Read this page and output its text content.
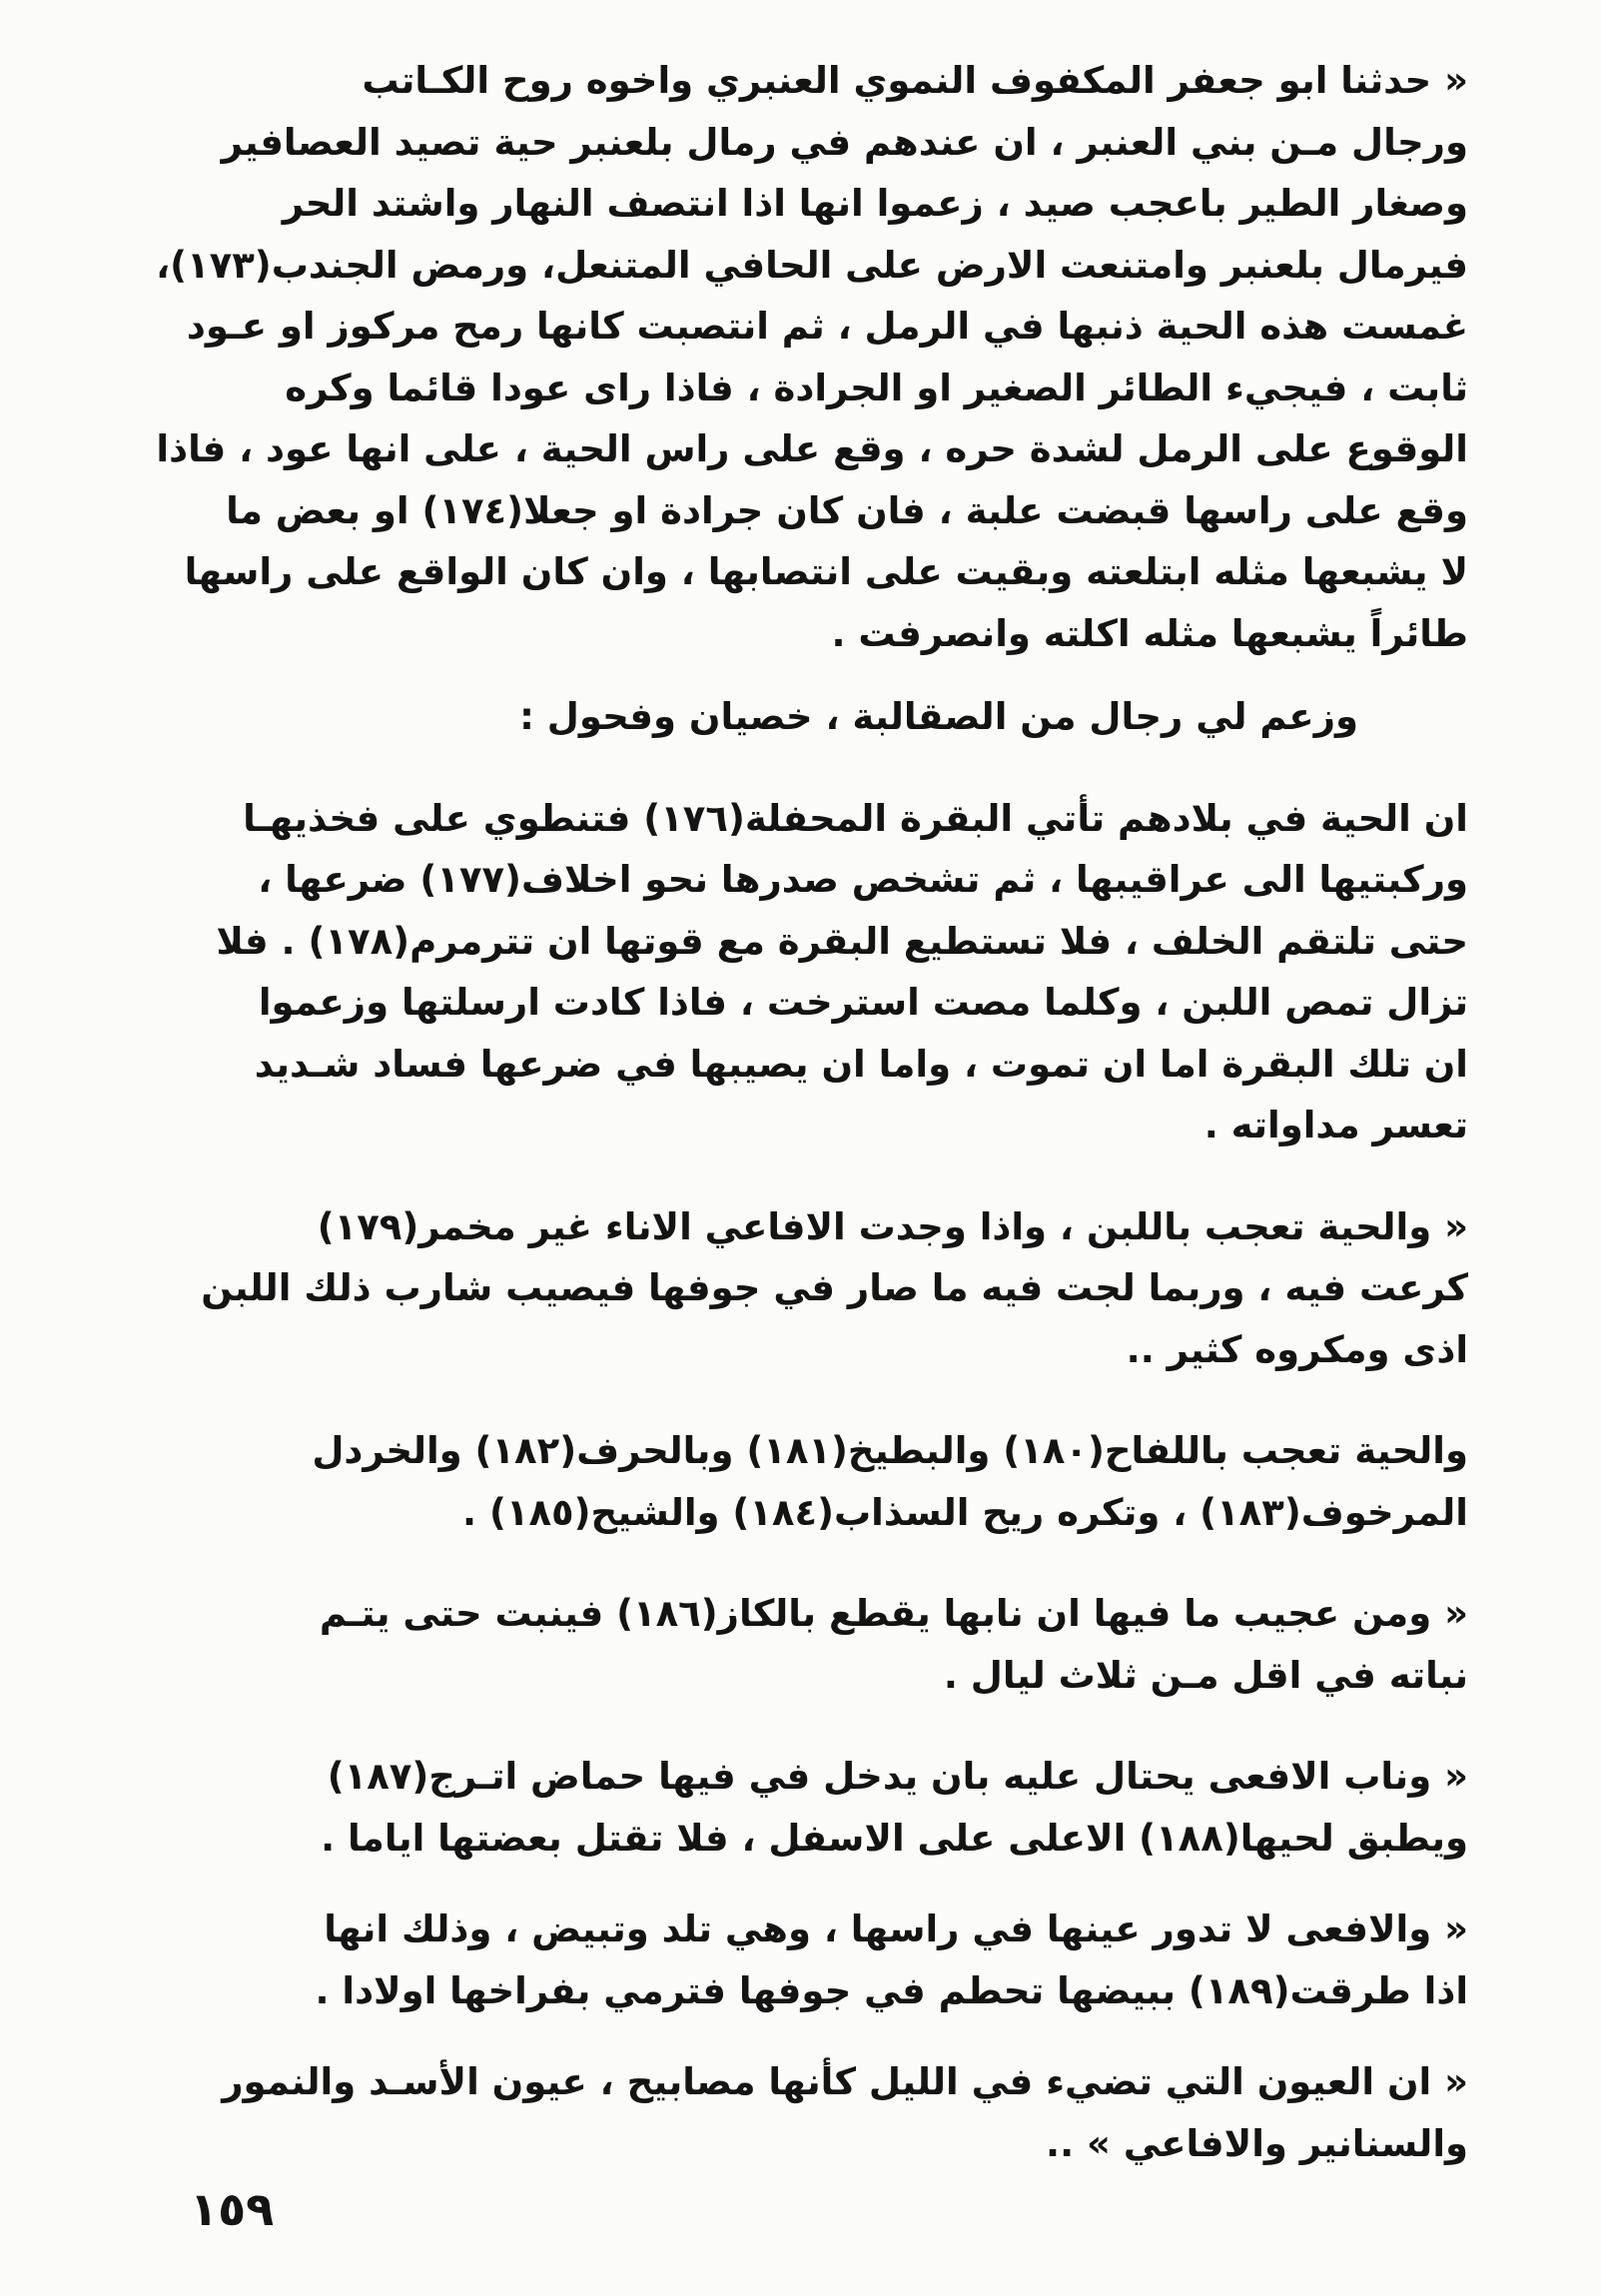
« حدثنا ابو جعفر المكفوف النموي العنبري واخوه روح الكـاتب
ورجال مـن بني العنبر ، ان عندهم في رمال بلعنبر حية تصيد العصافير
وصغار الطير باعجب صيد ، زعموا انها اذا انتصف النهار واشتد الحر
فيرمال بلعنبر وامتنعت الارض على الحافي المتنعل، ورمض الجندب(١٧٣)،
غمست هذه الحية ذنبها في الرمل ، ثم انتصبت كانها رمح مركوز او عـود
ثابت ، فيجيء الطائر الصغير او الجرادة ، فاذا راى عودا قائما وكره
الوقوع على الرمل لشدة حره ، وقع على راس الحية ، على انها عود ، فاذا
وقع على راسها قبضت علبة ، فان كان جرادة او جعلا(١٧٤) او بعض ما
لا يشبعها مثله ابتلعته وبقيت على انتصابها ، وان كان الواقع على راسها
طائراً يشبعها مثله اكلته وانصرفت .

وزعم لي رجال من الصقالبة ، خصيان وفحول :

ان الحية في بلادهم تأتي البقرة المحفلة(١٧٦) فتنطوي على فخذيهـا
وركبتيها الى عراقيبها ، ثم تشخص صدرها نحو اخلاف(١٧٧) ضرعها ،
حتى تلتقم الخلف ، فلا تستطيع البقرة مع قوتها ان تترمرم(١٧٨) . فلا
تزال تمص اللبن ، وكلما مصت استرخت ، فاذا كادت ارسلتها وزعموا
ان تلك البقرة اما ان تموت ، واما ان يصيبها في ضرعها فساد شـديد
تعسر مداواته .

« والحية تعجب باللبن ، واذا وجدت الافاعي الاناء غير مخمر(١٧٩)
كرعت فيه ، وربما لجت فيه ما صار في جوفها فيصيب شارب ذلك اللبن
اذى ومكروه كثير ..

والحية تعجب باللفاح(١٨٠) والبطيخ(١٨١) وبالحرف(١٨٢) والخردل
المرخوف(١٨٣) ، وتكره ريح السذاب(١٨٤) والشيح(١٨٥) .

« ومن عجيب ما فيها ان نابها يقطع بالكاز(١٨٦) فينبت حتى يتـم
نباته في اقل مـن ثلاث ليال .

« وناب الافعى يحتال عليه بان يدخل في فيها حماض اتـرج(١٨٧)
ويطبق لحيها(١٨٨) الاعلى على الاسفل ، فلا تقتل بعضتها اياما .

« والافعى لا تدور عينها في راسها ، وهي تلد وتبيض ، وذلك انها
اذا طرقت(١٨٩) ببيضها تحطم في جوفها فترمي بفراخها اولادا .

« ان العيون التي تضيء في الليل كأنها مصابيح ، عيون الأسـد والنمور
والسنانير والافاعي » ..

١٥٩
